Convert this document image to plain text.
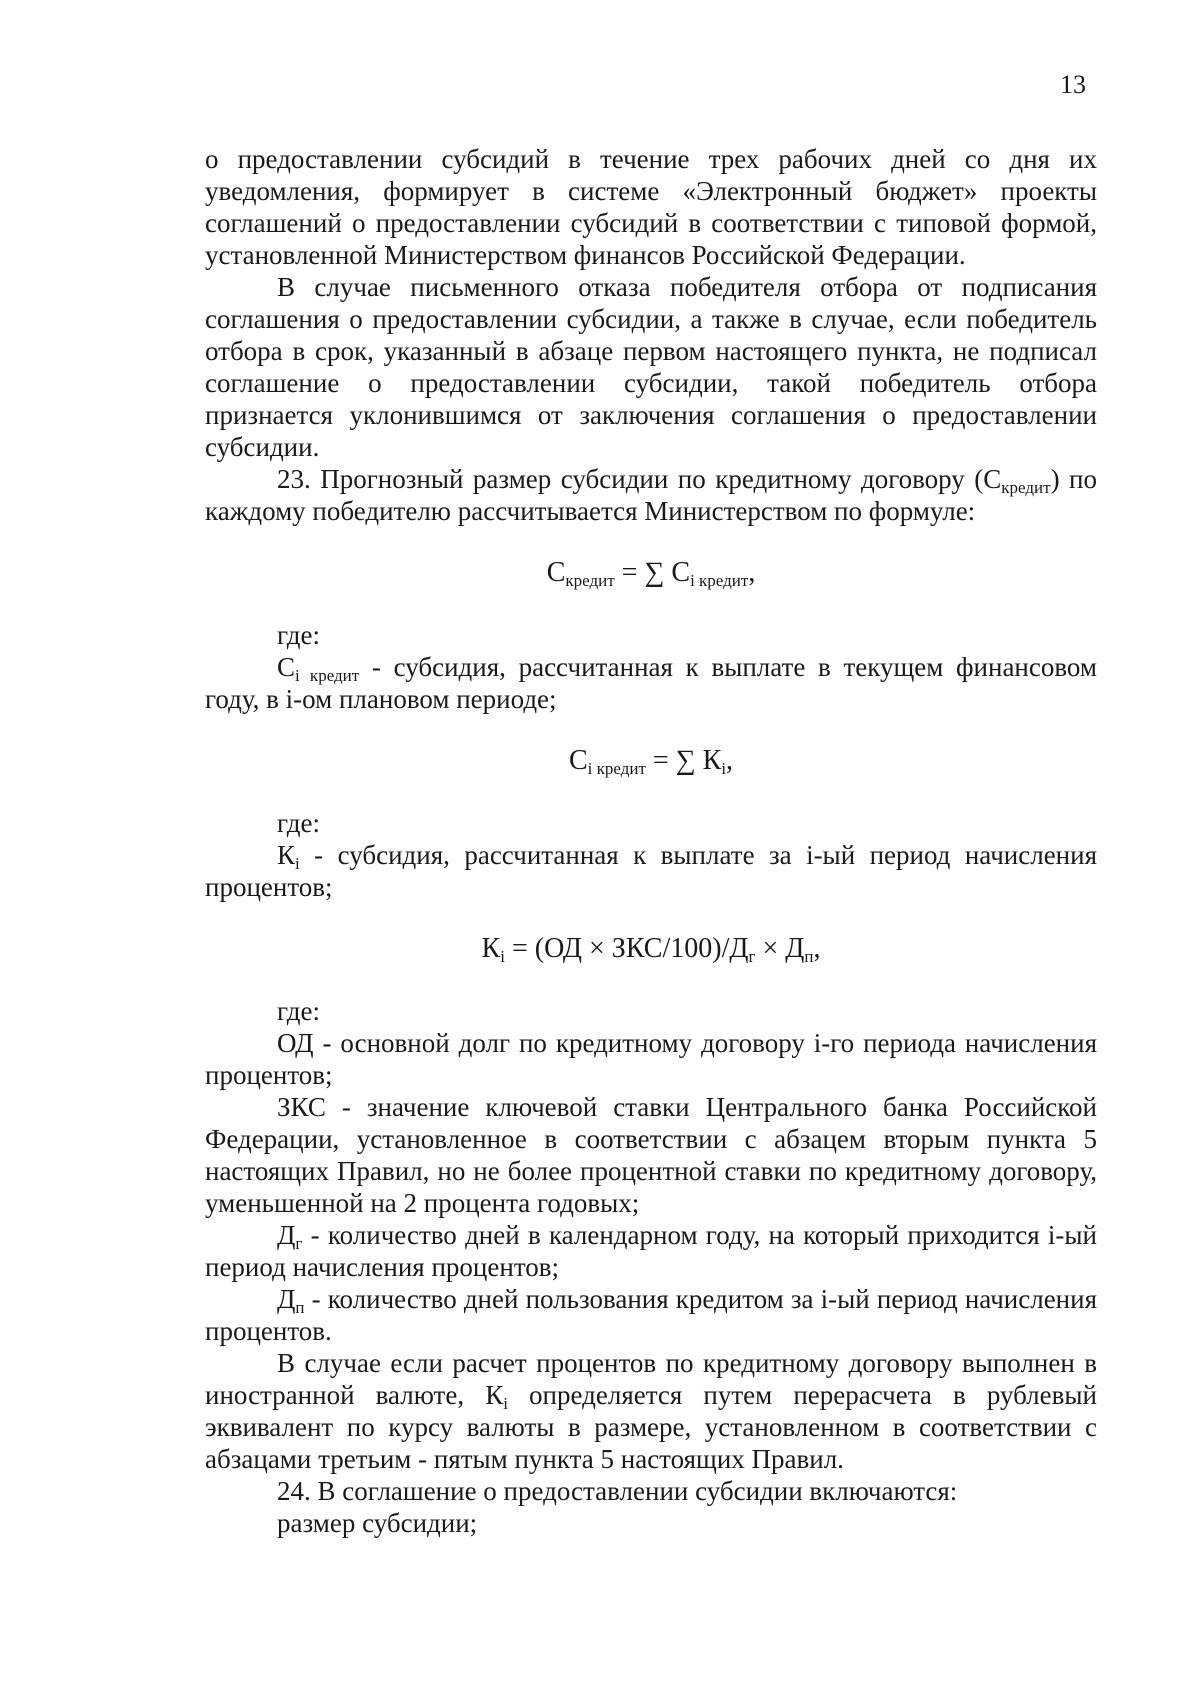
13

о предоставлении субсидий в течение трех рабочих дней со дня их уведомления, формирует в системе «Электронный бюджет» проекты соглашений о предоставлении субсидий в соответствии с типовой формой, установленной Министерством финансов Российской Федерации.

В случае письменного отказа победителя отбора от подписания соглашения о предоставлении субсидии, а также в случае, если победитель отбора в срок, указанный в абзаце первом настоящего пункта, не подписал соглашение о предоставлении субсидии, такой победитель отбора признается уклонившимся от заключения соглашения о предоставлении субсидии.

23. Прогнозный размер субсидии по кредитному договору $(С_{кредит})$ по каждому победителю рассчитывается Министерством по формуле:

$С_{кредит}$ = ∑ $С_{i кредит}$,

где:

$С_{i кредит}$ - субсидия, рассчитанная к выплате в текущем финансовом году, в i-ом плановом периоде;

$С_{i кредит}$ = ∑ $К_i$,

где:

$К_i$ - субсидия, рассчитанная к выплате за i-ый период начисления процентов;

$К_i = (ОД \times ЗКС/100)/Д_г \times Д_п$,

где:

ОД - основной долг по кредитному договору i-го периода начисления процентов;

ЗКС - значение ключевой ставки Центрального банка Российской Федерации, установленное в соответствии с абзацем вторым пункта 5 настоящих Правил, но не более процентной ставки по кредитному договору, уменьшенной на 2 процента годовых;

$Д_г$ - количество дней в календарном году, на который приходится i-ый период начисления процентов;

$Д_п$ - количество дней пользования кредитом за i-ый период начисления процентов.

В случае если расчет процентов по кредитному договору выполнен в иностранной валюте, $К_i$ определяется путем перерасчета в рублевый эквивалент по курсу валюты в размере, установленном в соответствии с абзацами третьим - пятым пункта 5 настоящих Правил.

24. В соглашение о предоставлении субсидии включаются:

размер субсидии;
